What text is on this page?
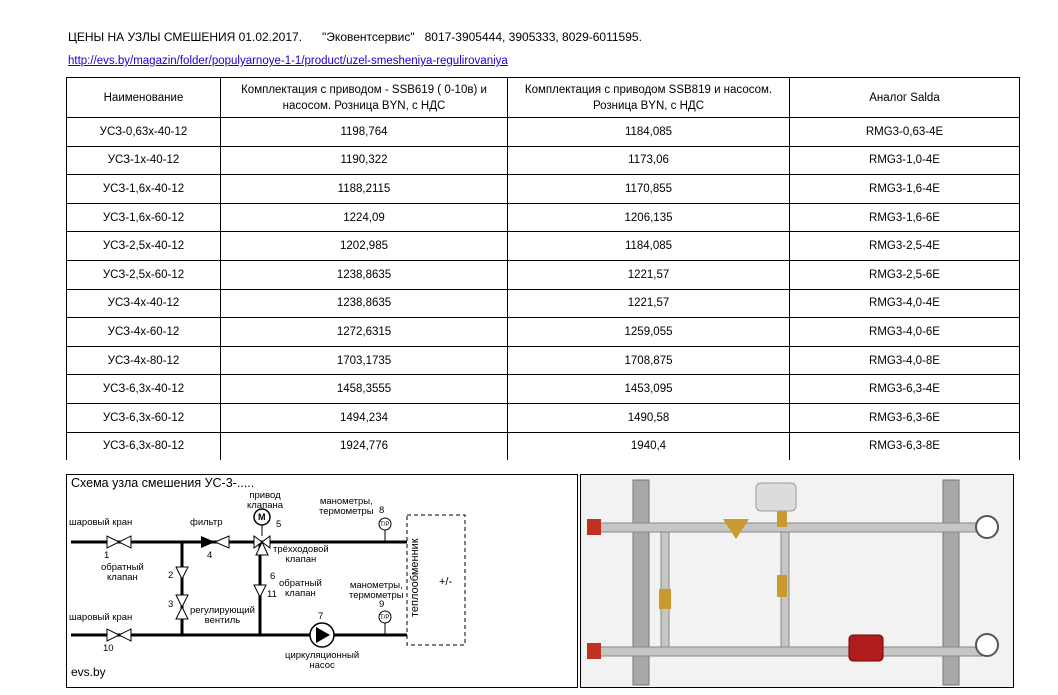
ЦЕНЫ НА УЗЛЫ СМЕШЕНИЯ 01.02.2017. "Эковентсервис" 8017-3905444, 3905333, 8029-6011595.
http://evs.by/magazin/folder/populyarnoye-1-1/product/uzel-smesheniya-regulirovaniya
Наименование	Комплектация с приводом - SSB619 ( 0-10в) и насосом. Розница BYN, с НДС	Комплектация с приводом SSB819 и насосом. Розница BYN, с НДС	Аналог Salda
УСЗ-0,63х-40-12	1198,764	1184,085	RMG3-0,63-4E
УСЗ-1х-40-12	1190,322	1173,06	RMG3-1,0-4E
УСЗ-1,6х-40-12	1188,2115	1170,855	RMG3-1,6-4E
УСЗ-1,6х-60-12	1224,09	1206,135	RMG3-1,6-6E
УСЗ-2,5х-40-12	1202,985	1184,085	RMG3-2,5-4E
УСЗ-2,5х-60-12	1238,8635	1221,57	RMG3-2,5-6E
УСЗ-4х-40-12	1238,8635	1221,57	RMG3-4,0-4E
УСЗ-4х-60-12	1272,6315	1259,055	RMG3-4,0-6E
УСЗ-4х-80-12	1703,1735	1708,875	RMG3-4,0-8E
УСЗ-6,3х-40-12	1458,3555	1453,095	RMG3-6,3-4E
УСЗ-6,3х-60-12	1494,234	1490,58	RMG3-6,3-6E
УСЗ-6,3х-80-12	1924,776	1940,4	RMG3-6,3-8E
Схема узла смешения УС-3-.....
шаровый кран
шаровый кран
обратный
клапан
фильтр
привод
клапана
трёхходовой
клапан
манометры,
термометры
обратный
клапан
манометры,
термометры
регулирующий
вентиль
циркуляционный
насос
теплообменник +/-
evs.by
M
T/P
T/P
1
2
3
4
5
6
7
8
9
10
11
